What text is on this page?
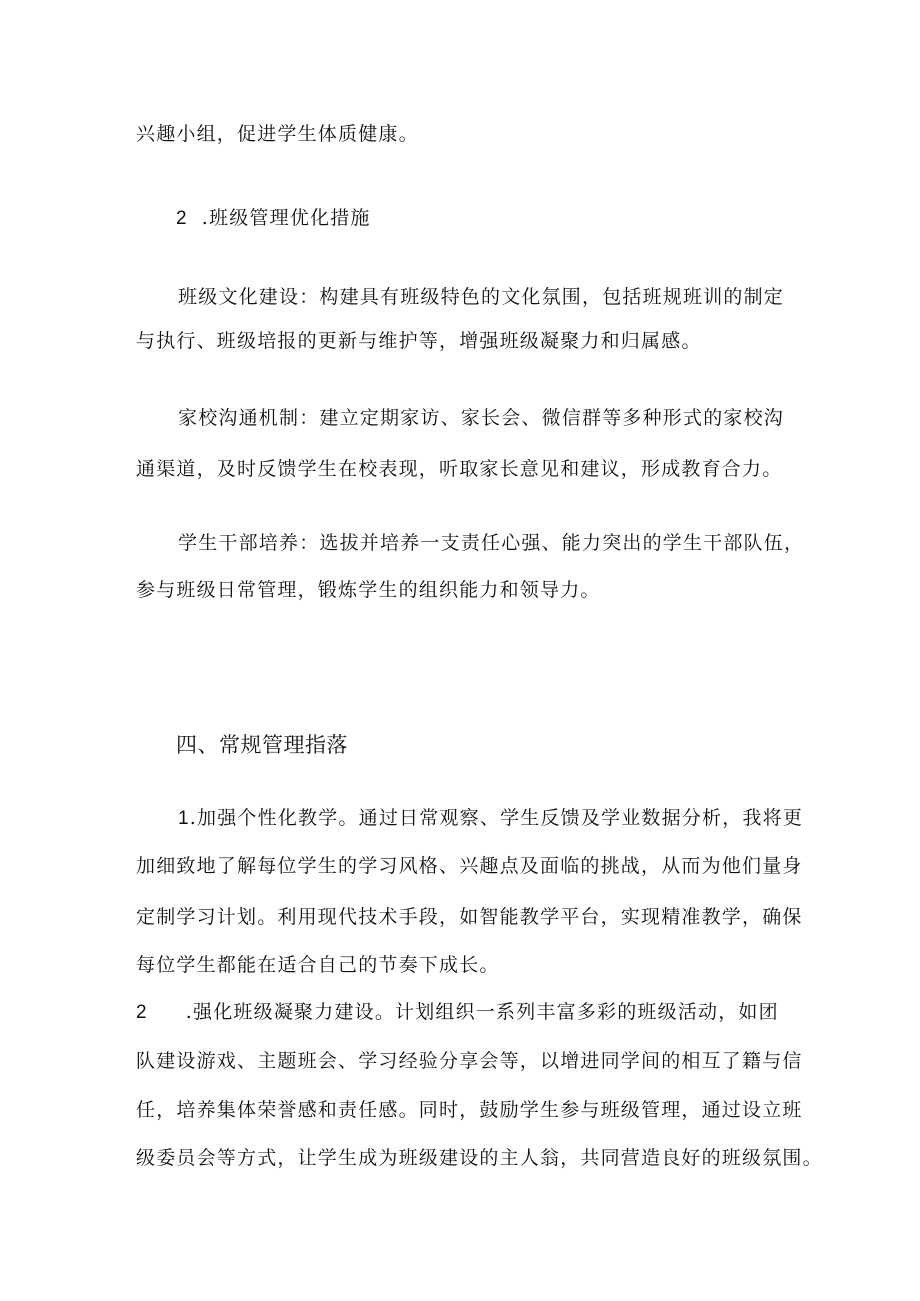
兴趣小组，促进学生体质健康。
2 .班级管理优化措施
班级文化建设：构建具有班级特色的文化氛围，包括班规班训的制定
与执行、班级培报的更新与维护等，增强班级凝聚力和归属感。
家校沟通机制：建立定期家访、家长会、微信群等多种形式的家校沟
通渠道，及时反馈学生在校表现，听取家长意见和建议，形成教育合力。
学生干部培养：选拔并培养一支责任心强、能力突出的学生干部队伍，
参与班级日常管理，锻炼学生的组织能力和领导力。
四、常规管理指落
1.加强个性化教学。通过日常观察、学生反馈及学业数据分析，我将更
加细致地了解每位学生的学习风格、兴趣点及面临的挑战，从而为他们量身
定制学习计划。利用现代技术手段，如智能教学平台，实现精准教学，确保
每位学生都能在适合自己的节奏下成长。
2 .强化班级凝聚力建设。计划组织一系列丰富多彩的班级活动，如团
队建设游戏、主题班会、学习经验分享会等，以增进同学间的相互了籍与信
任，培养集体荣誉感和责任感。同时，鼓励学生参与班级管理，通过设立班
级委员会等方式，让学生成为班级建设的主人翁，共同营造良好的班级氛围。
